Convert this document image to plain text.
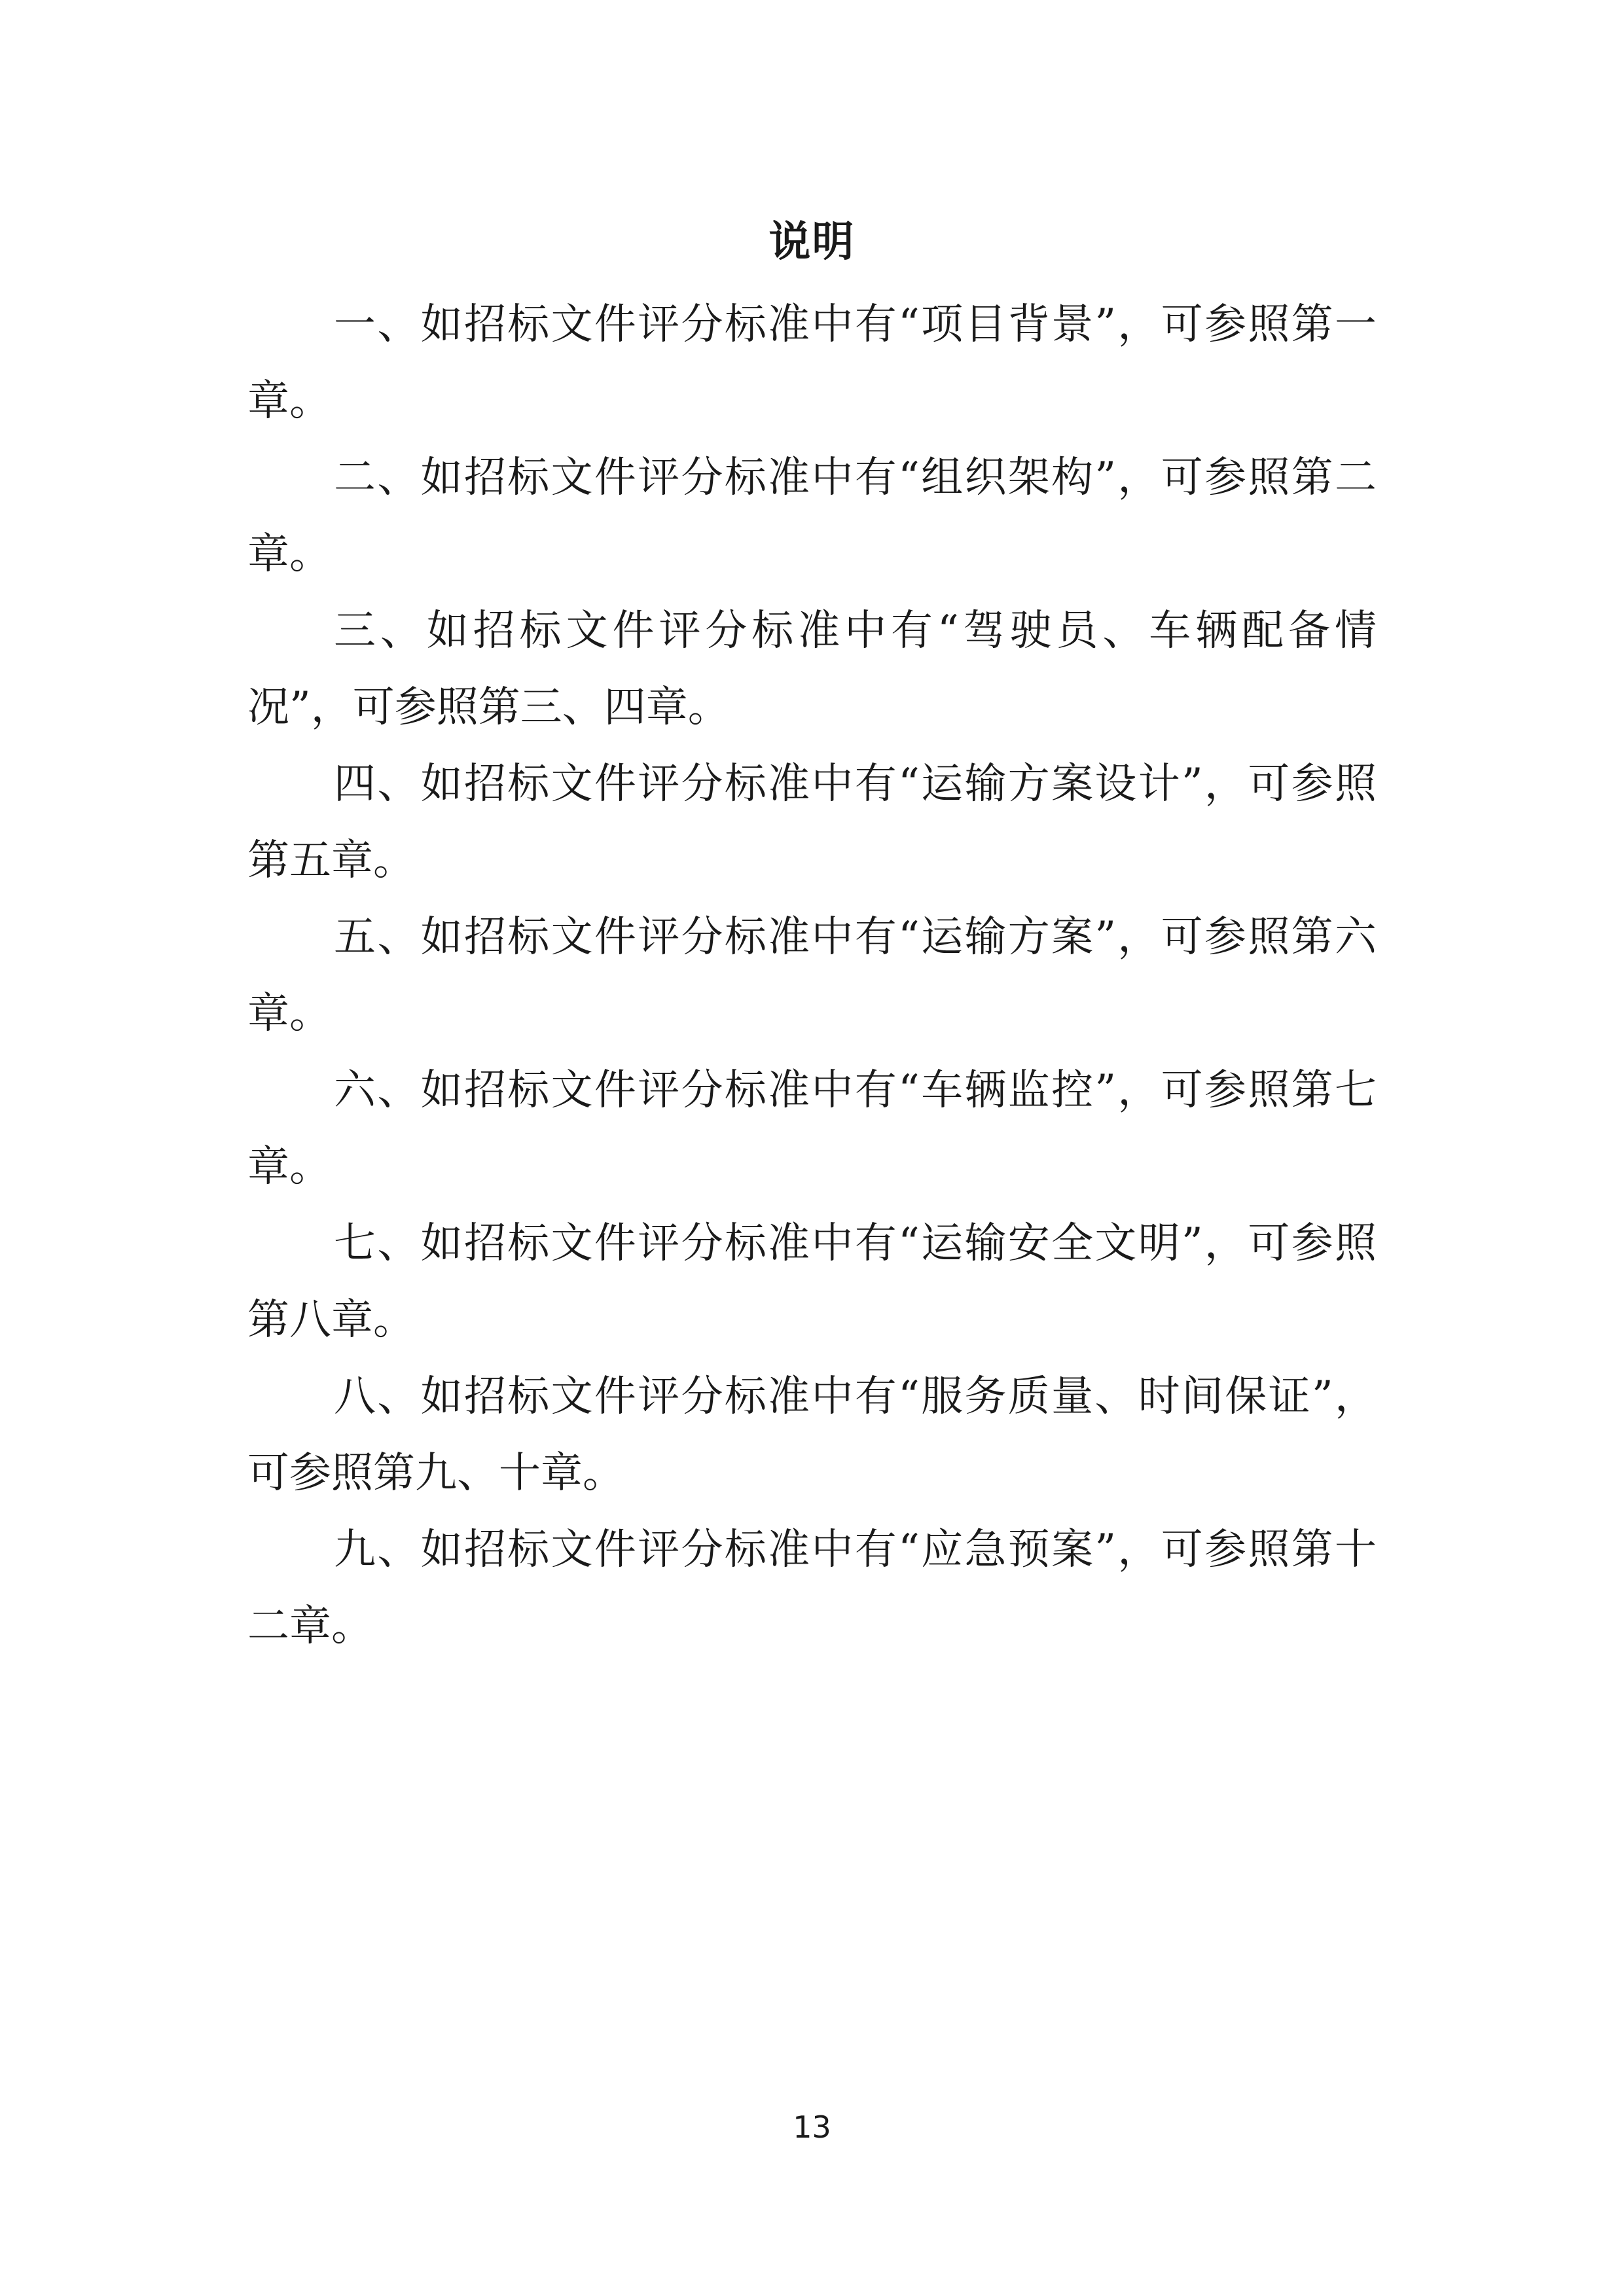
说明

一、如招标文件评分标准中有“项目背景”，可参照第一章。

二、如招标文件评分标准中有“组织架构”，可参照第二章。

三、如招标文件评分标准中有“驾驶员、车辆配备情况”，可参照第三、四章。

四、如招标文件评分标准中有“运输方案设计”，可参照第五章。

五、如招标文件评分标准中有“运输方案”，可参照第六章。

六、如招标文件评分标准中有“车辆监控”，可参照第七章。

七、如招标文件评分标准中有“运输安全文明”，可参照第八章。

八、如招标文件评分标准中有“服务质量、时间保证”，可参照第九、十章。

九、如招标文件评分标准中有“应急预案”，可参照第十二章。

13
